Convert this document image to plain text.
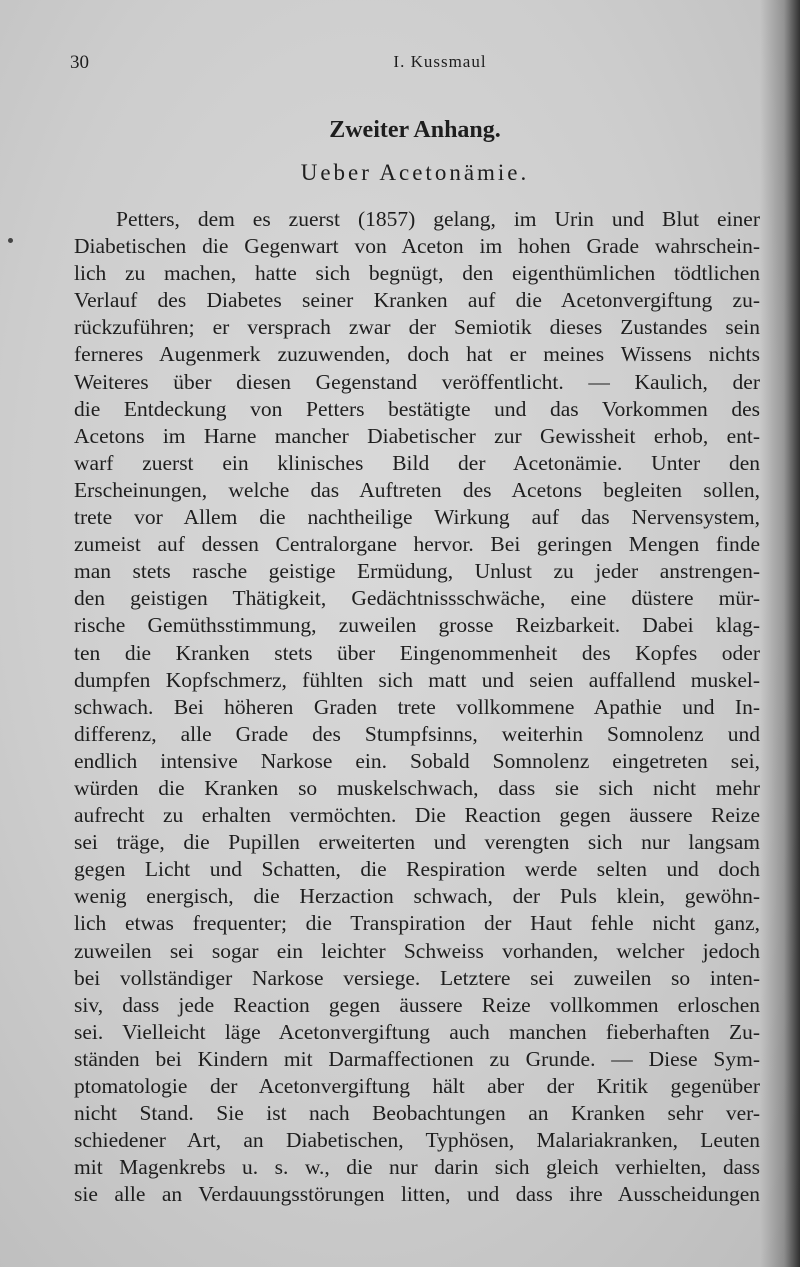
30	I. Kussmaul
Zweiter Anhang.
Ueber Acetonämie.
Petters, dem es zuerst (1857) gelang, im Urin und Blut einer
Diabetischen die Gegenwart von Aceton im hohen Grade wahrschein-
lich zu machen, hatte sich begnügt, den eigenthümlichen tödtlichen
Verlauf des Diabetes seiner Kranken auf die Acetonvergiftung zu-
rückzuführen; er versprach zwar der Semiotik dieses Zustandes sein
ferneres Augenmerk zuzuwenden, doch hat er meines Wissens nichts
Weiteres über diesen Gegenstand veröffentlicht. — Kaulich, der
die Entdeckung von Petters bestätigte und das Vorkommen des
Acetons im Harne mancher Diabetischer zur Gewissheit erhob, ent-
warf zuerst ein klinisches Bild der Acetonämie. Unter den
Erscheinungen, welche das Auftreten des Acetons begleiten sollen,
trete vor Allem die nachtheilige Wirkung auf das Nervensystem,
zumeist auf dessen Centralorgane hervor. Bei geringen Mengen finde
man stets rasche geistige Ermüdung, Unlust zu jeder anstrengen-
den geistigen Thätigkeit, Gedächtnissschwäche, eine düstere mür-
rische Gemüthsstimmung, zuweilen grosse Reizbarkeit. Dabei klag-
ten die Kranken stets über Eingenommenheit des Kopfes oder
dumpfen Kopfschmerz, fühlten sich matt und seien auffallend muskel-
schwach. Bei höheren Graden trete vollkommene Apathie und In-
differenz, alle Grade des Stumpfsinns, weiterhin Somnolenz und
endlich intensive Narkose ein. Sobald Somnolenz eingetreten sei,
würden die Kranken so muskelschwach, dass sie sich nicht mehr
aufrecht zu erhalten vermöchten. Die Reaction gegen äussere Reize
sei träge, die Pupillen erweiterten und verengten sich nur langsam
gegen Licht und Schatten, die Respiration werde selten und doch
wenig energisch, die Herzaction schwach, der Puls klein, gewöhn-
lich etwas frequenter; die Transpiration der Haut fehle nicht ganz,
zuweilen sei sogar ein leichter Schweiss vorhanden, welcher jedoch
bei vollständiger Narkose versiege. Letztere sei zuweilen so inten-
siv, dass jede Reaction gegen äussere Reize vollkommen erloschen
sei. Vielleicht läge Acetonvergiftung auch manchen fieberhaften Zu-
ständen bei Kindern mit Darmaffectionen zu Grunde. — Diese Sym-
ptomatologie der Acetonvergiftung hält aber der Kritik gegenüber
nicht Stand. Sie ist nach Beobachtungen an Kranken sehr ver-
schiedener Art, an Diabetischen, Typhösen, Malariakranken, Leuten
mit Magenkrebs u. s. w., die nur darin sich gleich verhielten, dass
sie alle an Verdauungsstörungen litten, und dass ihre Ausscheidungen
